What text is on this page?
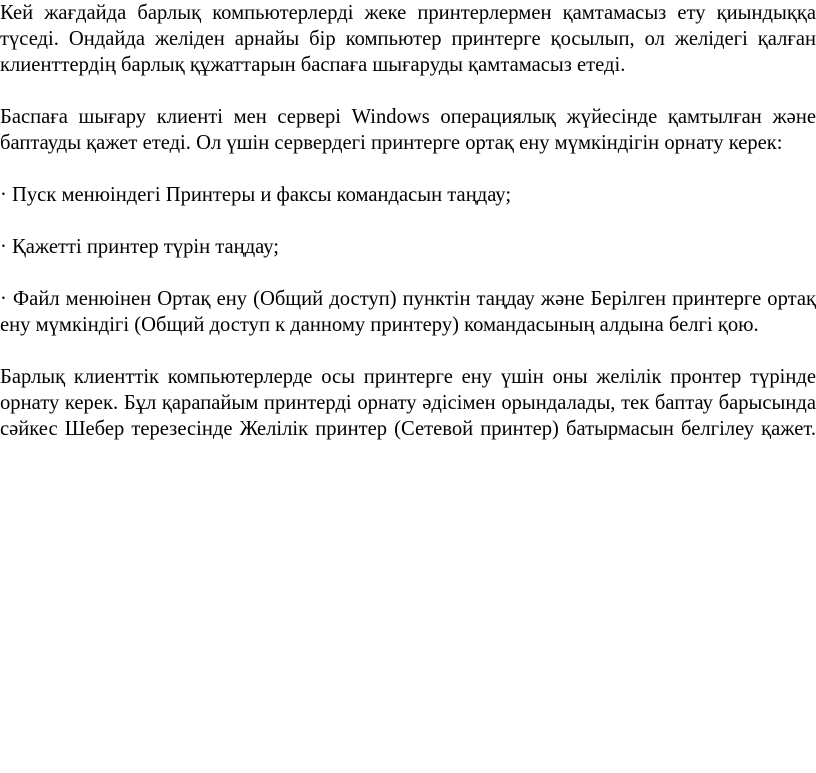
Кей жағдайда барлық компьютерлерді жеке принтерлермен қамтамасыз ету қиындыққа
түседі. Ондайда желіден арнайы бір компьютер принтерге қосылып, ол желідегі қалған
клиенттердің барлық құжаттарын баспаға шығаруды қамтамасыз етеді.
Баспаға шығару клиенті мен сервері Windows операциялық жүйесінде қамтылған және
баптауды қажет етеді. Ол үшін сервердегі принтерге ортақ ену мүмкіндігін орнату керек:
· Пуск менюіндегі Принтеры и факсы командасын таңдау;
· Қажетті принтер түрін таңдау;
· Файл менюінен Ортақ ену (Общий доступ) пунктін таңдау және Берілген принтерге ортақ
ену мүмкіндігі (Общий доступ к данному принтеру) командасының алдына белгі қою.
Барлық клиенттік компьютерлерде осы принтерге ену үшін оны желілік пронтер түрінде
орнату керек. Бұл қарапайым принтерді орнату әдісімен орындалады, тек баптау барысында
сәйкес Шебер терезесінде Желілік принтер (Сетевой принтер) батырмасын белгілеу қажет.
